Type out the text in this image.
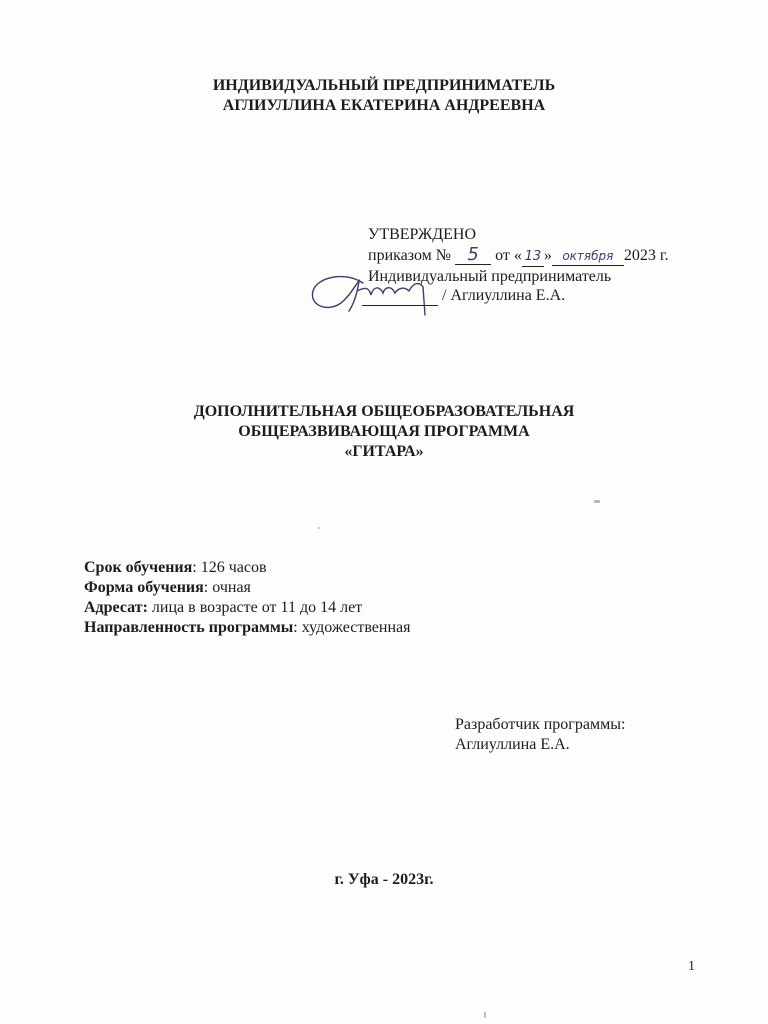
ИНДИВИДУАЛЬНЫЙ ПРЕДПРИНИМАТЕЛЬ
АГЛИУЛЛИНА ЕКАТЕРИНА АНДРЕЕВНА
УТВЕРЖДЕНО
приказом № 5 от « 13 » октября 2023 г.
Индивидуальный предприниматель
/ Аглиуллина Е.А.
ДОПОЛНИТЕЛЬНАЯ ОБЩЕОБРАЗОВАТЕЛЬНАЯ
ОБЩЕРАЗВИВАЮЩАЯ ПРОГРАММА
«ГИТАРА»
Срок обучения: 126 часов
Форма обучения: очная
Адресат: лица в возрасте от 11 до 14 лет
Направленность программы: художественная
Разработчик программы:
Аглиуллина Е.А.
г. Уфа - 2023г.
1
